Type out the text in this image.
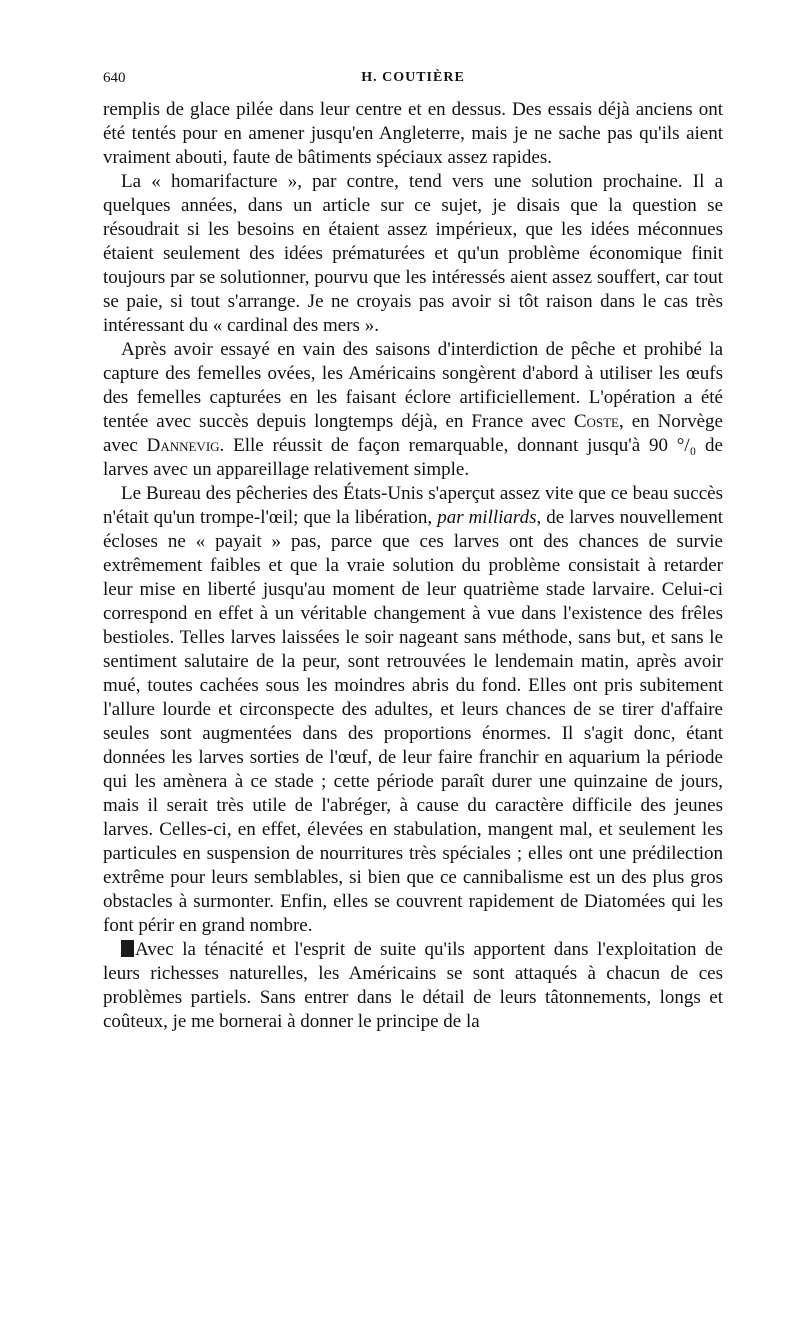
640	H. COUTIÈRE

remplis de glace pilée dans leur centre et en dessus. Des essais déjà anciens ont été tentés pour en amener jusqu'en Angleterre, mais je ne sache pas qu'ils aient vraiment abouti, faute de bâtiments spéciaux assez rapides.

La « homarifacture », par contre, tend vers une solution prochaine. Il a quelques années, dans un article sur ce sujet, je disais que la question se résoudrait si les besoins en étaient assez impérieux, que les idées méconnues étaient seulement des idées prématurées et qu'un problème économique finit toujours par se solutionner, pourvu que les intéressés aient assez souffert, car tout se paie, si tout s'arrange. Je ne croyais pas avoir si tôt raison dans le cas très intéressant du « cardinal des mers ».

Après avoir essayé en vain des saisons d'interdiction de pêche et prohibé la capture des femelles ovées, les Américains songèrent d'abord à utiliser les œufs des femelles capturées en les faisant éclore artificiellement. L'opération a été tentée avec succès depuis longtemps déjà, en France avec Coste, en Norvège avec Dannevig. Elle réussit de façon remarquable, donnant jusqu'à 90 °/₀ de larves avec un appareillage relativement simple.

Le Bureau des pêcheries des États-Unis s'aperçut assez vite que ce beau succès n'était qu'un trompe-l'œil; que la libération, par milliards, de larves nouvellement écloses ne « payait » pas, parce que ces larves ont des chances de survie extrêmement faibles et que la vraie solution du problème consistait à retarder leur mise en liberté jusqu'au moment de leur quatrième stade larvaire. Celui-ci correspond en effet à un véritable changement à vue dans l'existence des frêles bestioles. Telles larves laissées le soir nageant sans méthode, sans but, et sans le sentiment salutaire de la peur, sont retrouvées le lendemain matin, après avoir mué, toutes cachées sous les moindres abris du fond. Elles ont pris subitement l'allure lourde et circonspecte des adultes, et leurs chances de se tirer d'affaire seules sont augmentées dans des proportions énormes. Il s'agit donc, étant données les larves sorties de l'œuf, de leur faire franchir en aquarium la période qui les amènera à ce stade ; cette période paraît durer une quinzaine de jours, mais il serait très utile de l'abréger, à cause du caractère difficile des jeunes larves. Celles-ci, en effet, élevées en stabulation, mangent mal, et seulement les particules en suspension de nourritures très spéciales ; elles ont une prédilection extrême pour leurs semblables, si bien que ce cannibalisme est un des plus gros obstacles à surmonter. Enfin, elles se couvrent rapidement de Diatomées qui les font périr en grand nombre.

Avec la ténacité et l'esprit de suite qu'ils apportent dans l'exploitation de leurs richesses naturelles, les Américains se sont attaqués à chacun de ces problèmes partiels. Sans entrer dans le détail de leurs tâtonnements, longs et coûteux, je me bornerai à donner le principe de la
